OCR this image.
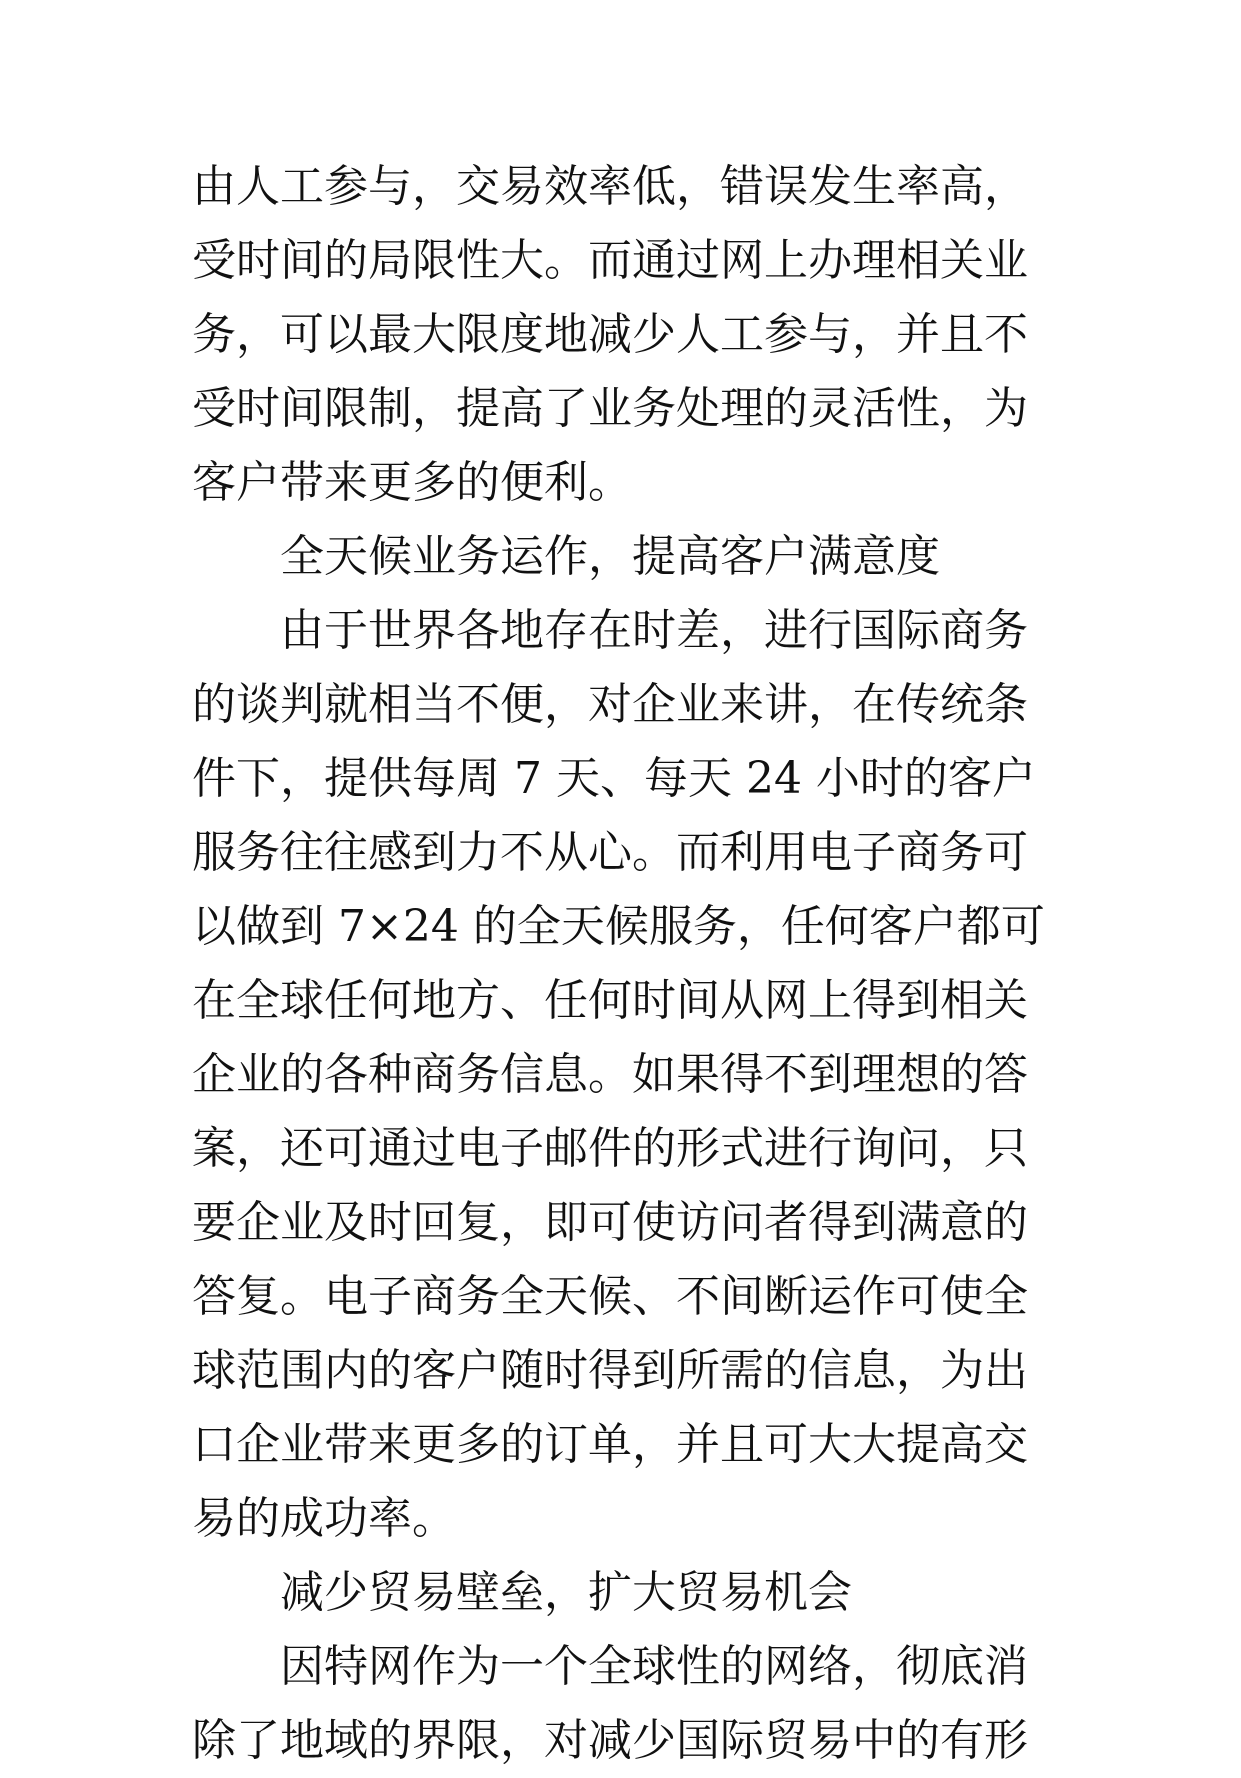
由人工参与，交易效率低，错误发生率高，
受时间的局限性大。而通过网上办理相关业
务，可以最大限度地减少人工参与，并且不
受时间限制，提高了业务处理的灵活性，为
客户带来更多的便利。
全天候业务运作，提高客户满意度
由于世界各地存在时差，进行国际商务
的谈判就相当不便，对企业来讲，在传统条
件下，提供每周 7 天、每天 24 小时的客户
服务往往感到力不从心。而利用电子商务可
以做到 7×24 的全天候服务，任何客户都可
在全球任何地方、任何时间从网上得到相关
企业的各种商务信息。如果得不到理想的答
案，还可通过电子邮件的形式进行询问，只
要企业及时回复，即可使访问者得到满意的
答复。电子商务全天候、不间断运作可使全
球范围内的客户随时得到所需的信息，为出
口企业带来更多的订单，并且可大大提高交
易的成功率。
减少贸易壁垒，扩大贸易机会
因特网作为一个全球性的网络，彻底消
除了地域的界限，对减少国际贸易中的有形
